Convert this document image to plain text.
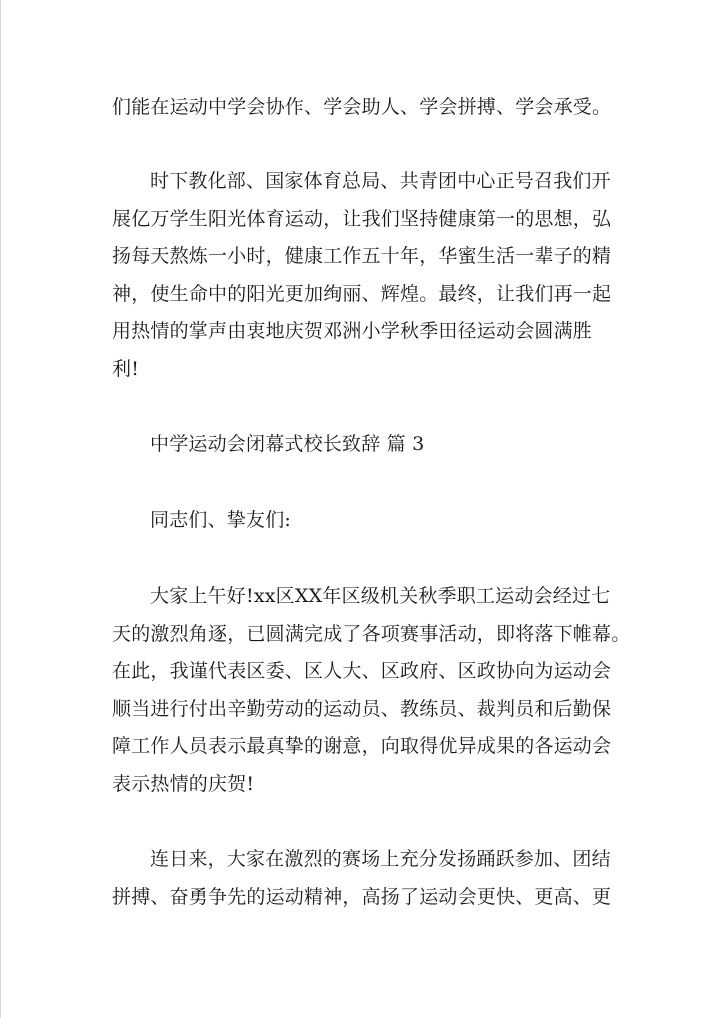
们能在运动中学会协作、学会助人、学会拼搏、学会承受。
时下教化部、国家体育总局、共青团中心正号召我们开
展亿万学生阳光体育运动，让我们坚持健康第一的思想，弘
扬每天熬炼一小时，健康工作五十年，华蜜生活一辈子的精
神，使生命中的阳光更加绚丽、辉煌。最终，让我们再一起
用热情的掌声由衷地庆贺邓洲小学秋季田径运动会圆满胜
利!
中学运动会闭幕式校长致辞 篇 3
同志们、挚友们:
大家上午好!xx区XX年区级机关秋季职工运动会经过七
天的激烈角逐，已圆满完成了各项赛事活动，即将落下帷幕。
在此，我谨代表区委、区人大、区政府、区政协向为运动会
顺当进行付出辛勤劳动的运动员、教练员、裁判员和后勤保
障工作人员表示最真挚的谢意，向取得优异成果的各运动会
表示热情的庆贺!
连日来，大家在激烈的赛场上充分发扬踊跃参加、团结
拼搏、奋勇争先的运动精神，高扬了运动会更快、更高、更
